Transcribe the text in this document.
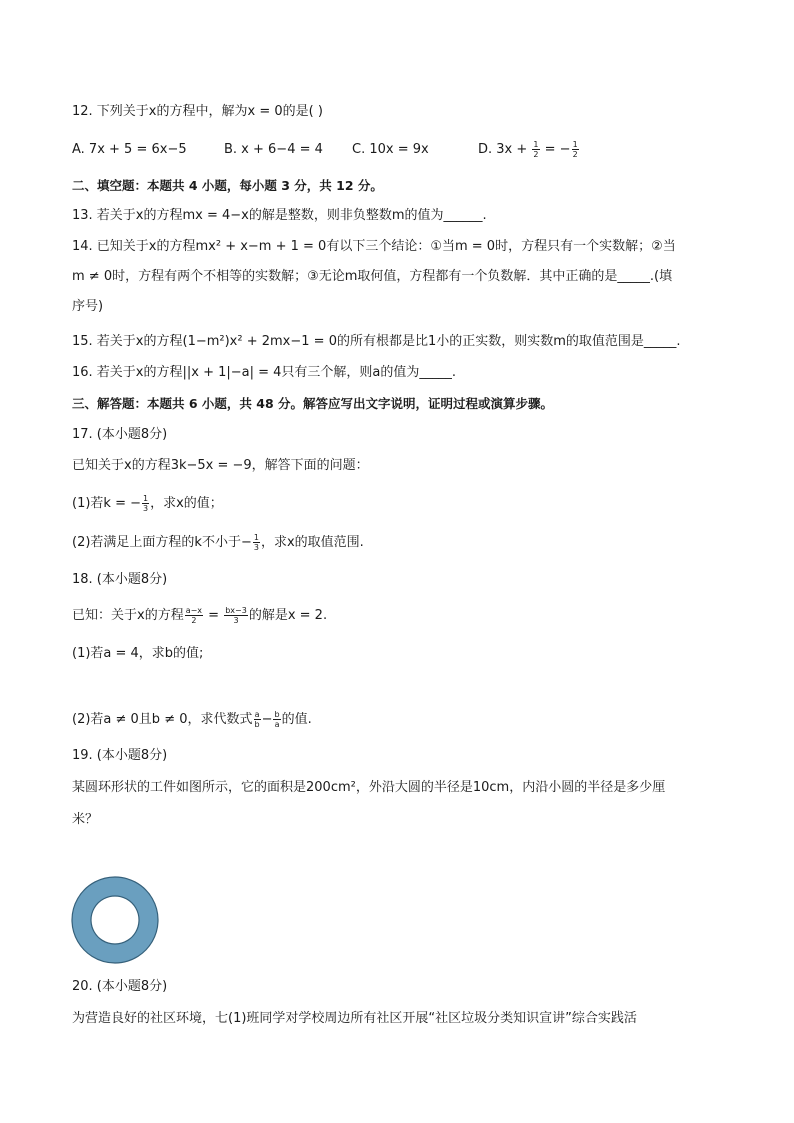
12. 下列关于x的方程中，解为x = 0的是( )
A. 7x + 5 = 6x−5	B. x + 6−4 = 4 C. 10x = 9x	D. $3x + \frac{1}{2}$ = − $\frac{1}{2}$
二、填空题：本题共 4 小题，每小题 3 分，共 12 分。
13. 若关于x的方程mx = 4−x的解是整数，则非负整数m的值为______.
14. 已知关于x的方程mx² + x−m + 1 = 0有以下三个结论：①当m = 0时，方程只有一个实数解；②当
m ≠ 0时，方程有两个不相等的实数解；③无论m取何值，方程都有一个负数解．其中正确的是_____.(填
序号)
15. 若关于x的方程(1−m²)x² + 2mx−1 = 0的所有根都是比1小的正实数，则实数m的取值范围是_____.
16. 若关于x的方程||x + 1|−a| = 4只有三个解，则a的值为_____.
三、解答题：本题共 6 小题，共 48 分。解答应写出文字说明，证明过程或演算步骤。
17. (本小题8分)
已知关于x的方程3k−5x = −9，解答下面的问题：
(1)若k = − $\frac{1}{3}$ ，求x的值；
(2)若满足上面方程的k不小于− $\frac{1}{3}$ ，求x的取值范围.
18. (本小题8分)
已知：关于x的方程 $\frac{a-x}{2} = \frac{bx-3}{3}$ 的解是x = 2.
(1)若a = 4，求b的值;
(2)若a ≠ 0且b ≠ 0，求代数式 $\frac{a}{b} - \frac{b}{a}$ 的值.
19. (本小题8分)
某圆环形状的工件如图所示，它的面积是200cm²，外沿大圆的半径是10cm，内沿小圆的半径是多少厘
米？
20. (本小题8分)
为营造良好的社区环境，七(1)班同学对学校周边所有社区开展“社区垃圾分类知识宣讲”综合实践活
